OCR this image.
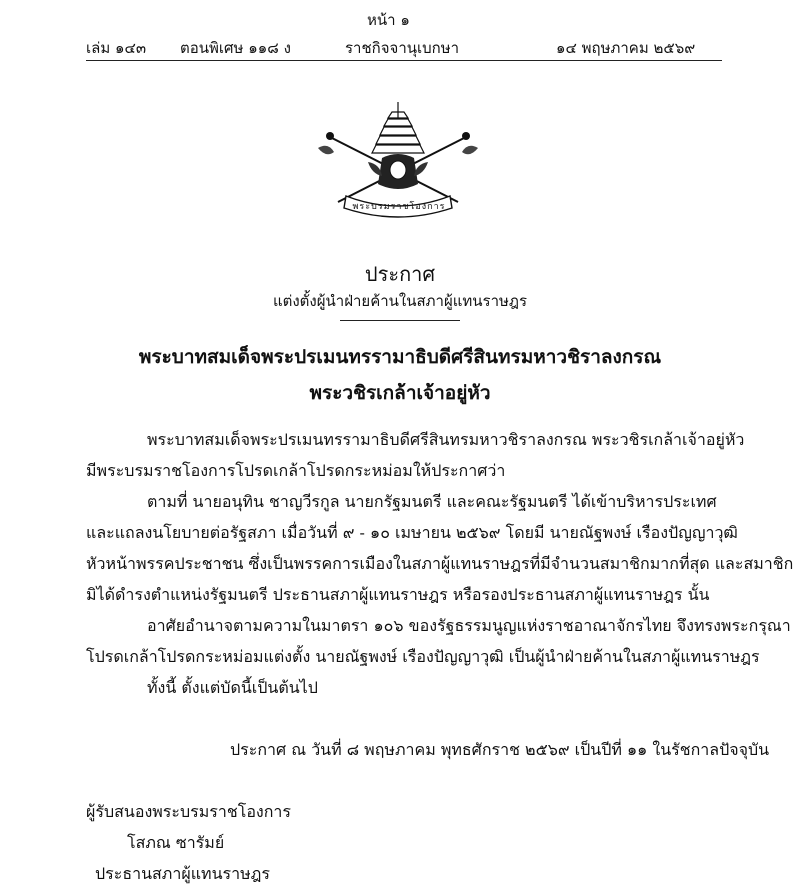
หน้า ๑
เล่ม ๑๔๓ ตอนพิเศษ ๑๑๘ ง	ราชกิจจานุเบกษา	๑๔ พฤษภาคม ๒๕๖๙
พระบรมราชโองการ
ประกาศ
แต่งตั้งผู้นำฝ่ายค้านในสภาผู้แทนราษฎร
พระบาทสมเด็จพระปรเมนทรรามาธิบดีศรีสินทรมหาวชิราลงกรณ
พระวชิรเกล้าเจ้าอยู่หัว
พระบาทสมเด็จพระปรเมนทรรามาธิบดีศรีสินทรมหาวชิราลงกรณ พระวชิรเกล้าเจ้าอยู่หัว
มีพระบรมราชโองการโปรดเกล้าโปรดกระหม่อมให้ประกาศว่า
ตามที่ นายอนุทิน ชาญวีรกูล นายกรัฐมนตรี และคณะรัฐมนตรี ได้เข้าบริหารประเทศ
และแถลงนโยบายต่อรัฐสภา เมื่อวันที่ ๙ - ๑๐ เมษายน ๒๕๖๙ โดยมี นายณัฐพงษ์ เรืองปัญญาวุฒิ
หัวหน้าพรรคประชาชน ซึ่งเป็นพรรคการเมืองในสภาผู้แทนราษฎรที่มีจำนวนสมาชิกมากที่สุด และสมาชิก
มิได้ดำรงตำแหน่งรัฐมนตรี ประธานสภาผู้แทนราษฎร หรือรองประธานสภาผู้แทนราษฎร นั้น
อาศัยอำนาจตามความในมาตรา ๑๐๖ ของรัฐธรรมนูญแห่งราชอาณาจักรไทย จึงทรงพระกรุณา
โปรดเกล้าโปรดกระหม่อมแต่งตั้ง นายณัฐพงษ์ เรืองปัญญาวุฒิ เป็นผู้นำฝ่ายค้านในสภาผู้แทนราษฎร
ทั้งนี้ ตั้งแต่บัดนี้เป็นต้นไป
ประกาศ ณ วันที่ ๘ พฤษภาคม พุทธศักราช ๒๕๖๙ เป็นปีที่ ๑๑ ในรัชกาลปัจจุบัน
ผู้รับสนองพระบรมราชโองการ
โสภณ ซารัมย์
ประธานสภาผู้แทนราษฎร
